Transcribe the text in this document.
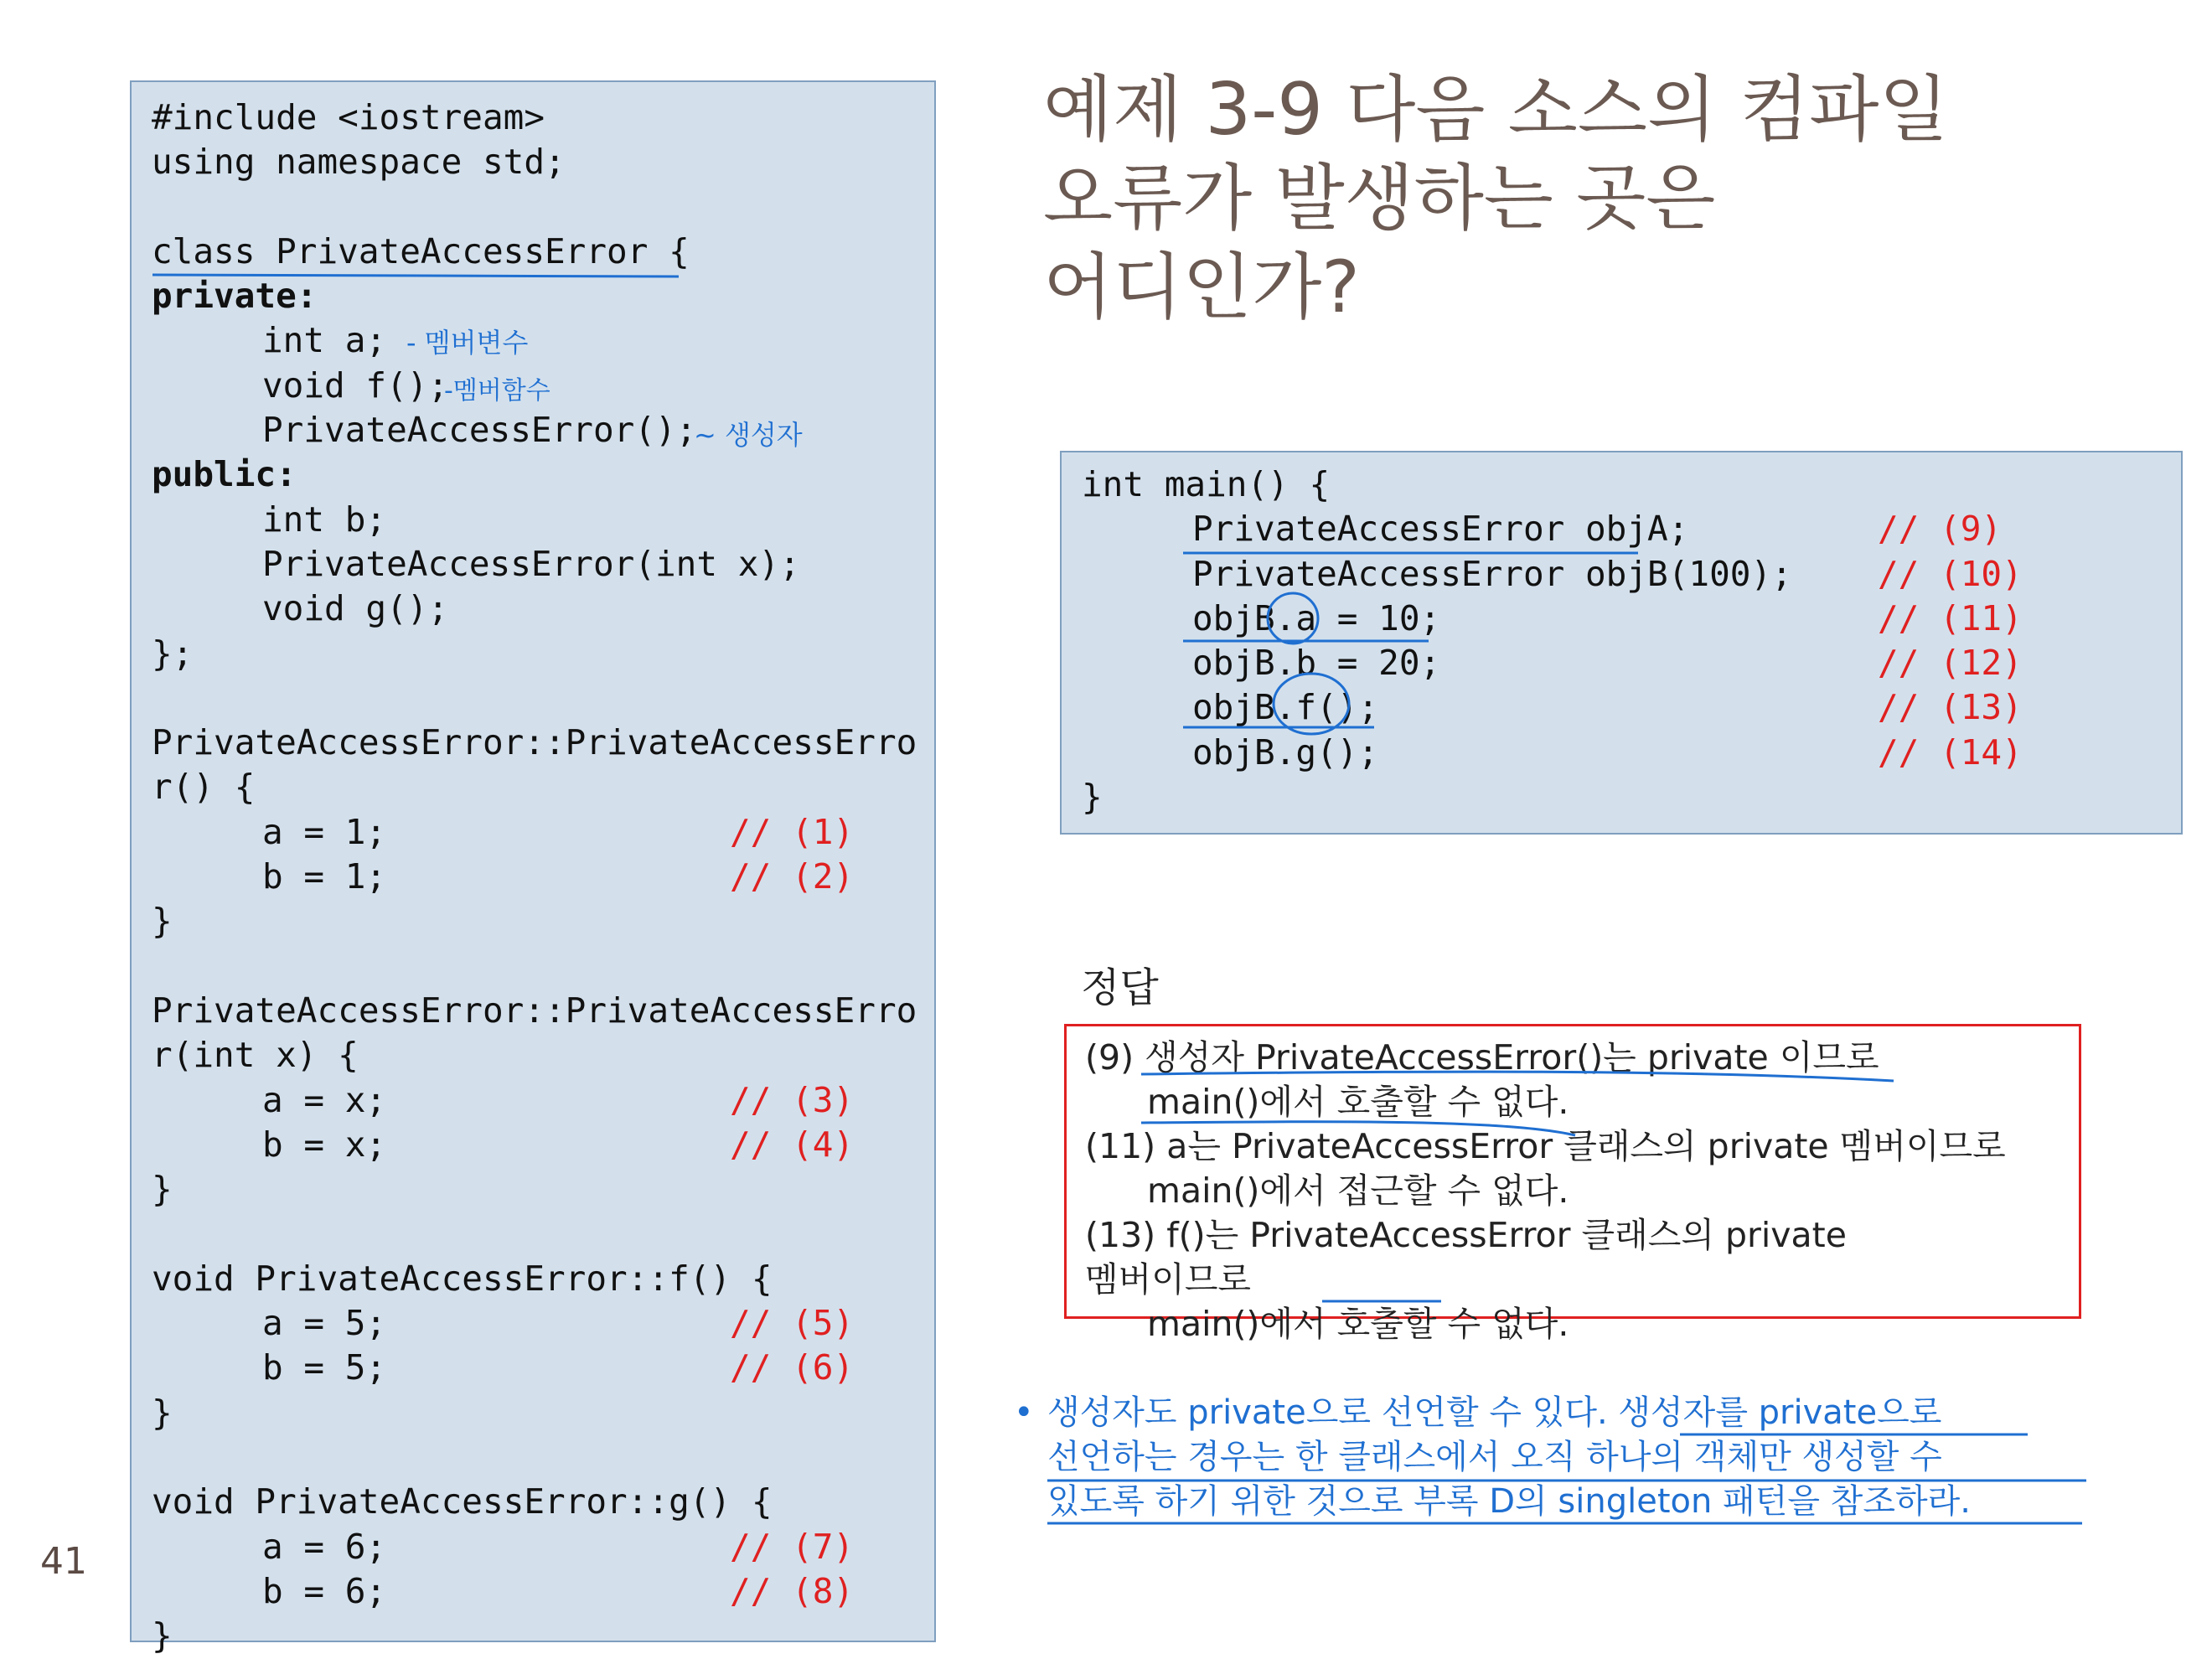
41
#include <iostream>
using namespace std;
class PrivateAccessError {
private:
int a;
void f();
PrivateAccessError();
public:
int b;
PrivateAccessError(int x);
void g();
};
PrivateAccessError::PrivateAccessErro
r() {
a = 1;	// (1)
b = 1;	// (2)
}
PrivateAccessError::PrivateAccessErro
r(int x) {
a = x;	// (3)
b = x;	// (4)
}
void PrivateAccessError::f() {
a = 5;	// (5)
b = 5;	// (6)
}
void PrivateAccessError::g() {
a = 6;	// (7)
b = 6;	// (8)
}
예제 3-9 다음 소스의 컴파일
오류가 발생하는 곳은
어디인가?
int main() {
PrivateAccessError objA;	// (9)
PrivateAccessError objB(100); // (10)
objB.a = 10;	// (11)
objB.b = 20;	// (12)
objB.f();	// (13)
objB.g();	// (14)
}
정답
(9) 생성자 PrivateAccessError()는 private 이므로
main()에서 호출할 수 없다.
(11) a는 PrivateAccessError 클래스의 private 멤버이므로
main()에서 접근할 수 없다.
(13) f()는 PrivateAccessError 클래스의 private
멤버이므로
main()에서 호출할 수 없다.
• 생성자도 private으로 선언할 수 있다. 생성자를 private으로
선언하는 경우는 한 클래스에서 오직 하나의 객체만 생성할 수
있도록 하기 위한 것으로 부록 D의 singleton 패턴을 참조하라.
- 멤버변수
-멤버함수
~ 생성자
